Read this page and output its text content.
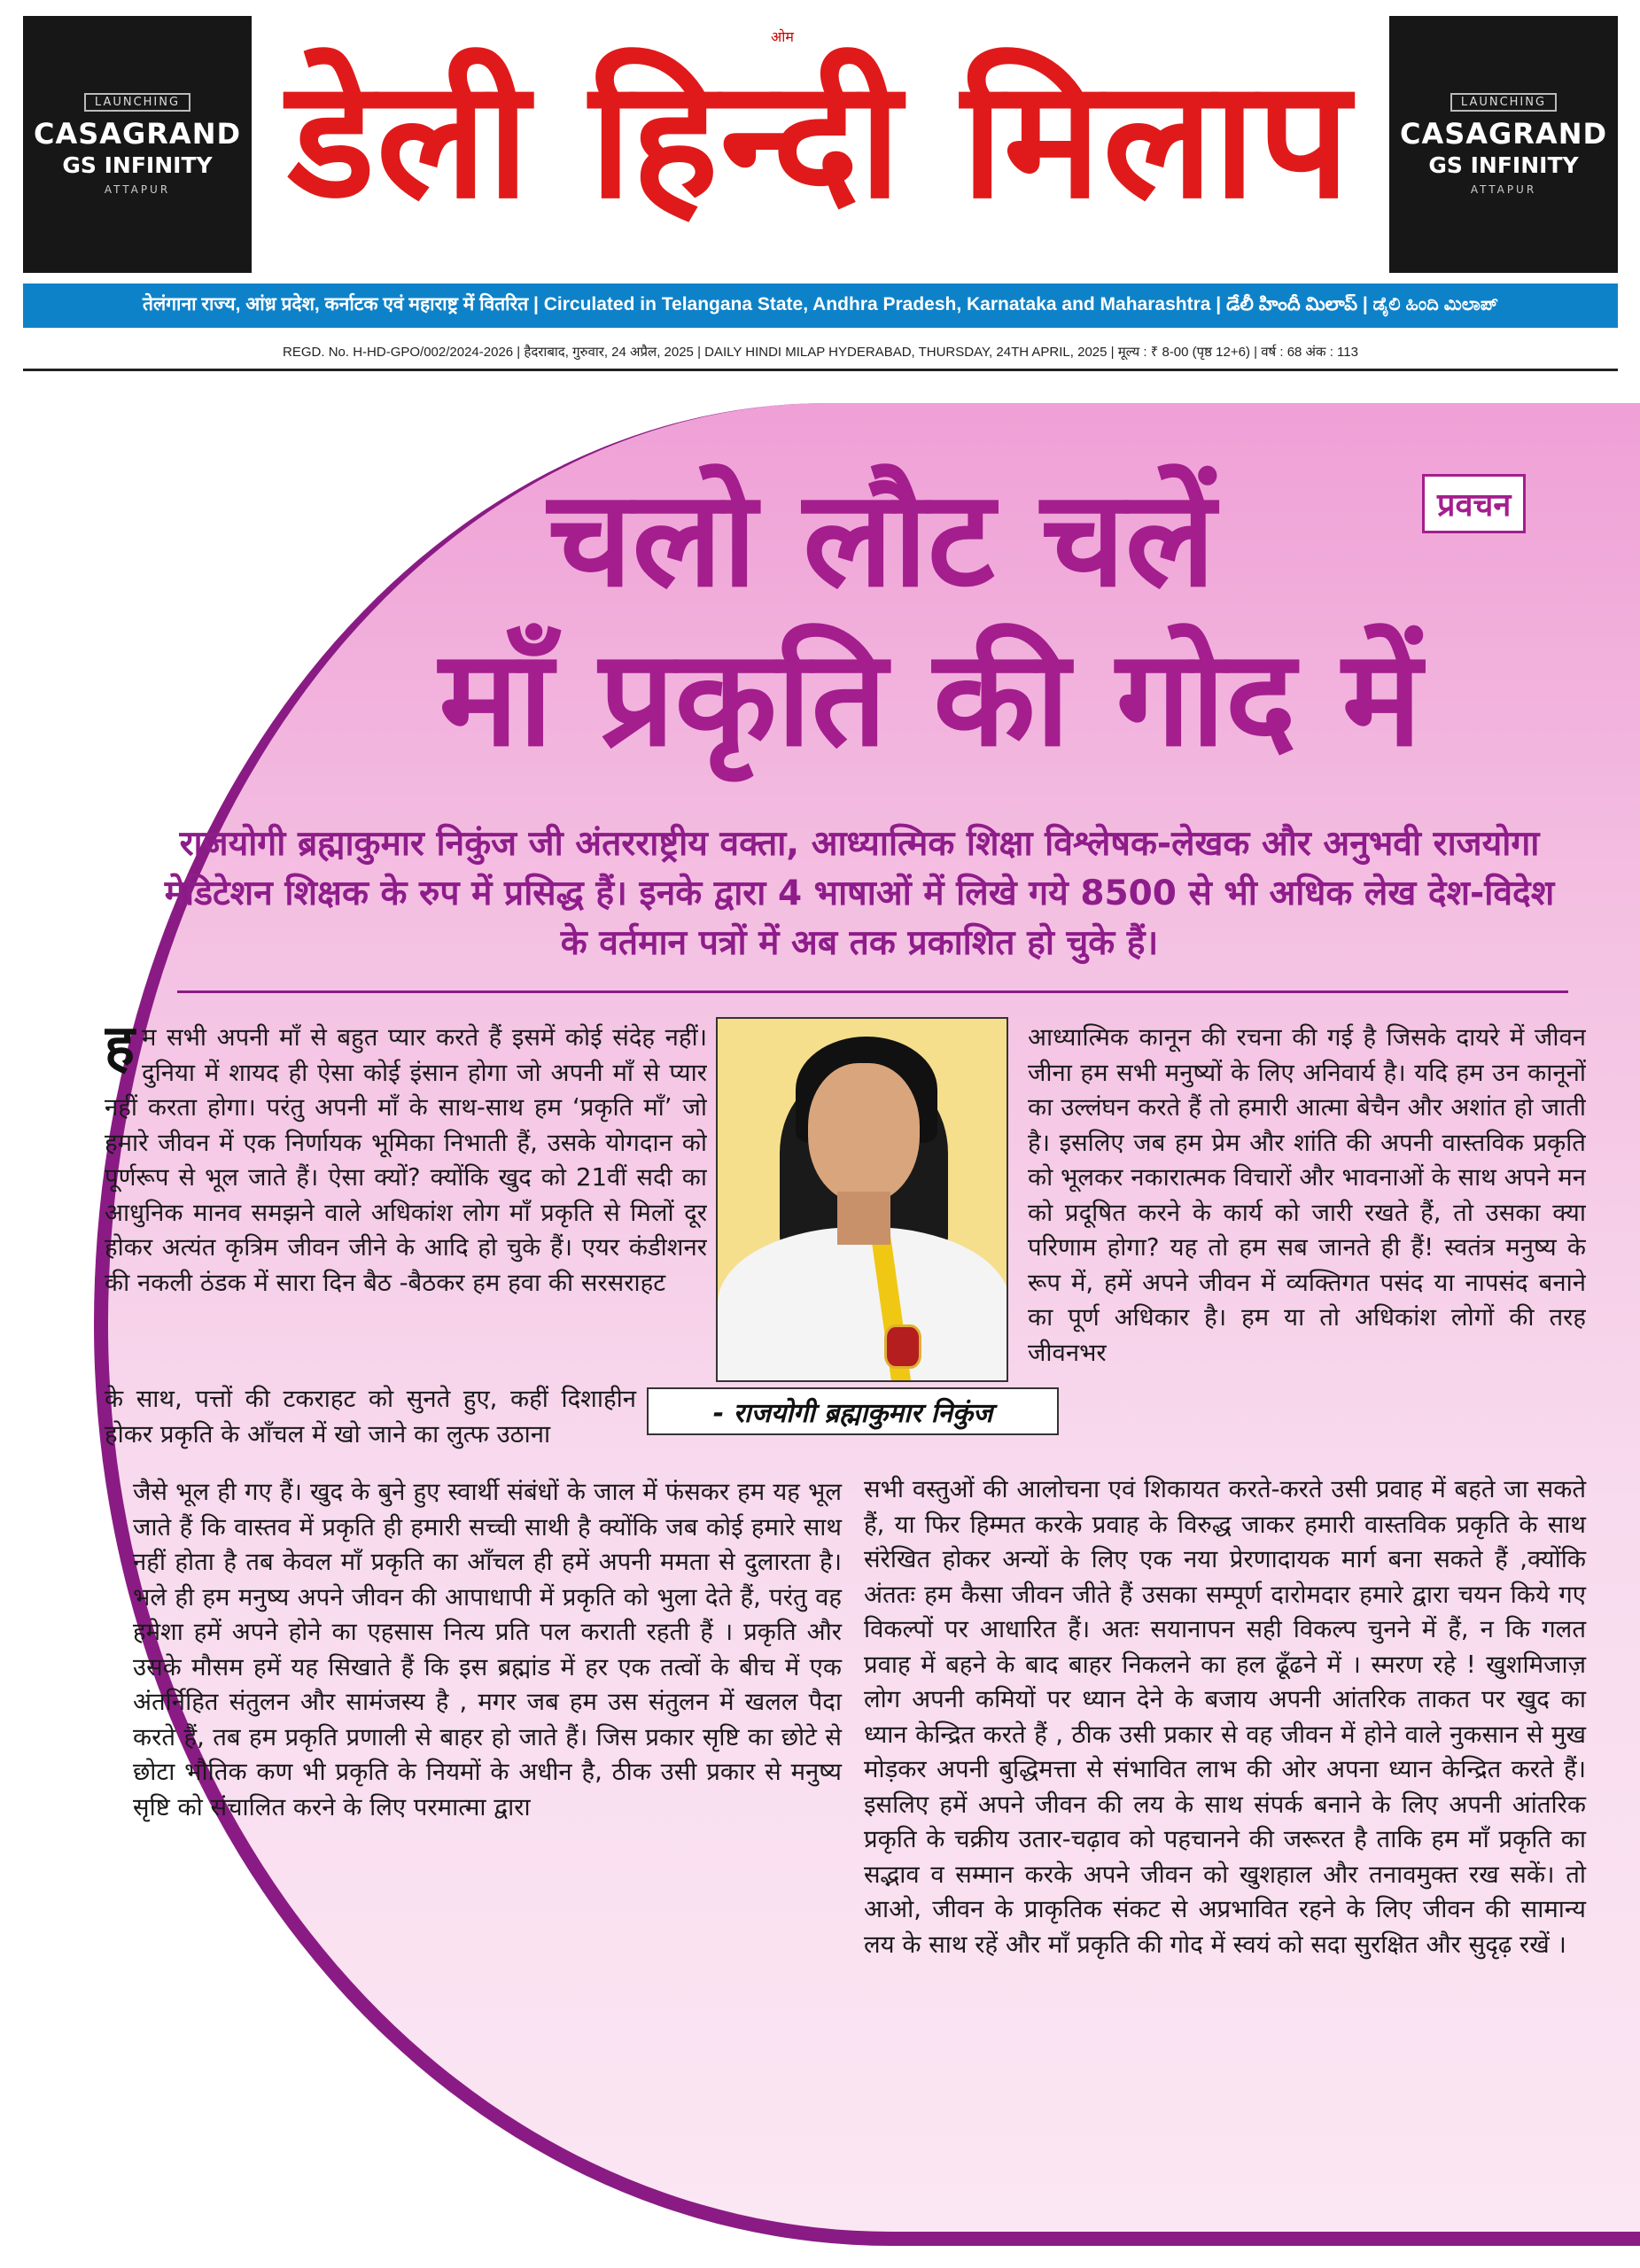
LAUNCHING
CASAGRAND
GS INFINITY
ATTAPUR
ओम
डेली हिन्दी मिलाप	LAUNCHING
CASAGRAND
GS INFINITY
ATTAPUR
तेलंगाना राज्य, आंध्र प्रदेश, कर्नाटक एवं महाराष्ट्र में वितरित | Circulated in Telangana State, Andhra Pradesh, Karnataka and Maharashtra | డేలీ హిందీ మిలాప్ | ಡೈಲಿ ಹಿಂದಿ ಮಿಲಾಪ್
REGD. No. H-HD-GPO/002/2024-2026 | हैदराबाद, गुरुवार, 24 अप्रैल, 2025 | DAILY HINDI MILAP HYDERABAD, THURSDAY, 24TH APRIL, 2025 | मूल्य : ₹ 8-00 (पृष्ठ 12+6) | वर्ष : 68 अंक : 113
चलो लौट चलें
माँ प्रकृति की गोद में
प्रवचन
राजयोगी ब्रह्माकुमार निकुंज जी अंतरराष्ट्रीय वक्ता, आध्यात्मिक शिक्षा विश्लेषक-लेखक और अनुभवी राजयोगा मेडिटेशन शिक्षक के रुप में प्रसिद्ध हैं। इनके द्वारा 4 भाषाओं में लिखे गये 8500 से भी अधिक लेख देश-विदेश के वर्तमान पत्रों में अब तक प्रकाशित हो चुके हैं।

हम सभी अपनी माँ से बहुत प्यार करते हैं इसमें कोई संदेह नहीं। दुनिया में शायद ही ऐसा कोई इंसान होगा जो अपनी माँ से प्यार नहीं करता होगा। परंतु अपनी माँ के साथ-साथ हम ‘प्रकृति माँ’ जो हमारे जीवन में एक निर्णायक भूमिका निभाती हैं, उसके योगदान को पूर्णरूप से भूल जाते हैं। ऐसा क्यों? क्योंकि खुद को 21वीं सदी का आधुनिक मानव समझने वाले अधिकांश लोग माँ प्रकृति से मिलों दूर होकर अत्यंत कृत्रिम जीवन जीने के आदि हो चुके हैं। एयर कंडीशनर की नकली ठंडक में सारा दिन बैठ -बैठकर हम हवा की सरसराहट

के साथ, पत्तों की टकराहट को सुनते हुए, कहीं दिशाहीन होकर प्रकृति के आँचल में खो जाने का लुत्फ उठाना

जैसे भूल ही गए हैं। खुद के बुने हुए स्वार्थी संबंधों के जाल में फंसकर हम यह भूल जाते हैं कि वास्तव में प्रकृति ही हमारी सच्ची साथी है क्योंकि जब कोई हमारे साथ नहीं होता है तब केवल माँ प्रकृति का आँचल ही हमें अपनी ममता से दुलारता है। भले ही हम मनुष्य अपने जीवन की आपाधापी में प्रकृति को भुला देते हैं, परंतु वह हमेशा हमें अपने होने का एहसास नित्य प्रति पल कराती रहती हैं । प्रकृति और उसके मौसम हमें यह सिखाते हैं कि इस ब्रह्मांड में हर एक तत्वों के बीच में एक अंतर्निहित संतुलन और सामंजस्य है , मगर जब हम उस संतुलन में खलल पैदा करते हैं, तब हम प्रकृति प्रणाली से बाहर हो जाते हैं। जिस प्रकार सृष्टि का छोटे से छोटा भौतिक कण भी प्रकृति के नियमों के अधीन है, ठीक उसी प्रकार से मनुष्य सृष्टि को संचालित करने के लिए परमात्मा द्वारा

- राजयोगी ब्रह्माकुमार निकुंज

आध्यात्मिक कानून की रचना की गई है जिसके दायरे में जीवन जीना हम सभी मनुष्यों के लिए अनिवार्य है। यदि हम उन कानूनों का उल्लंघन करते हैं तो हमारी आत्मा बेचैन और अशांत हो जाती है। इसलिए जब हम प्रेम और शांति की अपनी वास्तविक प्रकृति को भूलकर नकारात्मक विचारों और भावनाओं के साथ अपने मन को प्रदूषित करने के कार्य को जारी रखते हैं, तो उसका क्या परिणाम होगा? यह तो हम सब जानते ही हैं! स्वतंत्र मनुष्य के रूप में, हमें अपने जीवन में व्यक्तिगत पसंद या नापसंद बनाने का पूर्ण अधिकार है। हम या तो अधिकांश लोगों की तरह जीवनभर

सभी वस्तुओं की आलोचना एवं शिकायत करते-करते उसी प्रवाह में बहते जा सकते हैं, या फिर हिम्मत करके प्रवाह के विरुद्ध जाकर हमारी वास्तविक प्रकृति के साथ संरेखित होकर अन्यों के लिए एक नया प्रेरणादायक मार्ग बना सकते हैं ,क्योंकि अंततः हम कैसा जीवन जीते हैं उसका सम्पूर्ण दारोमदार हमारे द्वारा चयन किये गए विकल्पों पर आधारित हैं। अतः सयानापन सही विकल्प चुनने में हैं, न कि गलत प्रवाह में बहने के बाद बाहर निकलने का हल ढूँढने में । स्मरण रहे ! खुशमिजाज़ लोग अपनी कमियों पर ध्यान देने के बजाय अपनी आंतरिक ताकत पर खुद का ध्यान केन्द्रित करते हैं , ठीक उसी प्रकार से वह जीवन में होने वाले नुकसान से मुख मोड़कर अपनी बुद्धिमत्ता से संभावित लाभ की ओर अपना ध्यान केन्द्रित करते हैं। इसलिए हमें अपने जीवन की लय के साथ संपर्क बनाने के लिए अपनी आंतरिक प्रकृति के चक्रीय उतार-चढ़ाव को पहचानने की जरूरत है ताकि हम माँ प्रकृति का सद्भाव व सम्मान करके अपने जीवन को खुशहाल और तनावमुक्त रख सकें। तो आओ, जीवन के प्राकृतिक संकट से अप्रभावित रहने के लिए जीवन की सामान्य लय के साथ रहें और माँ प्रकृति की गोद में स्वयं को सदा सुरक्षित और सुदृढ़ रखें ।
